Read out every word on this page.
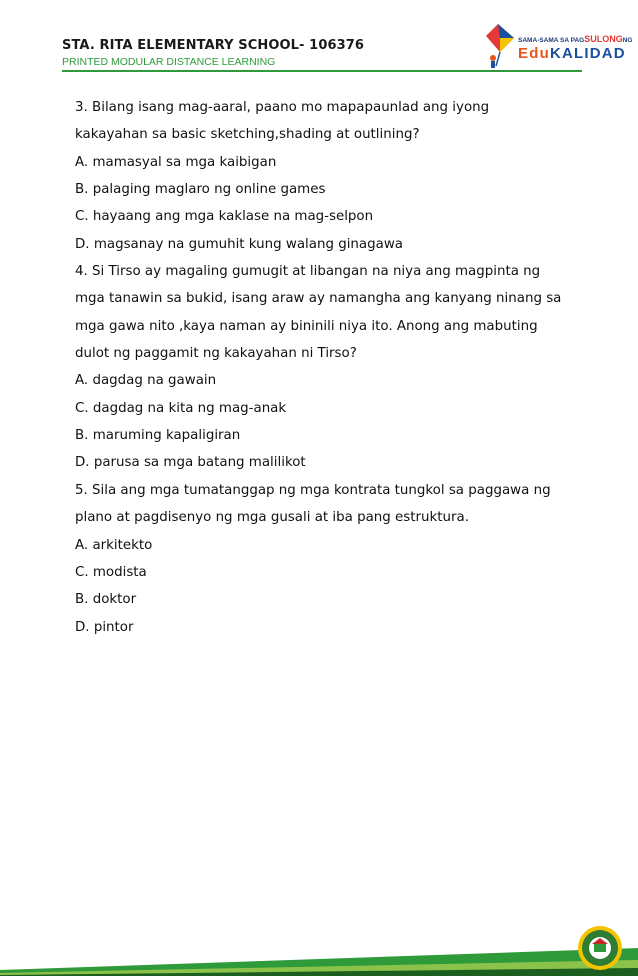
STA. RITA ELEMENTARY SCHOOL- 106376
PRINTED MODULAR DISTANCE LEARNING
SAMA-SAMA SA PAGSULONGNG
EduKALIDAD
3. Bilang isang mag-aaral, paano mo mapapaunlad ang iyong
kakayahan sa basic sketching,shading at outlining?
A. mamasyal sa mga kaibigan
B. palaging maglaro ng online games
C. hayaang ang mga kaklase na mag-selpon
D. magsanay na gumuhit kung walang ginagawa
4. Si Tirso ay magaling gumugit at libangan na niya ang magpinta ng
mga tanawin sa bukid, isang araw ay namangha ang kanyang ninang sa
mga gawa nito ,kaya naman ay bininili niya ito. Anong ang mabuting
dulot ng paggamit ng kakayahan ni Tirso?
A. dagdag na gawain
C. dagdag na kita ng mag-anak
B. maruming kapaligiran
D. parusa sa mga batang malilikot
5. Sila ang mga tumatanggap ng mga kontrata tungkol sa paggawa ng
plano at pagdisenyo ng mga gusali at iba pang estruktura.
A. arkitekto
C. modista
B. doktor
D. pintor
